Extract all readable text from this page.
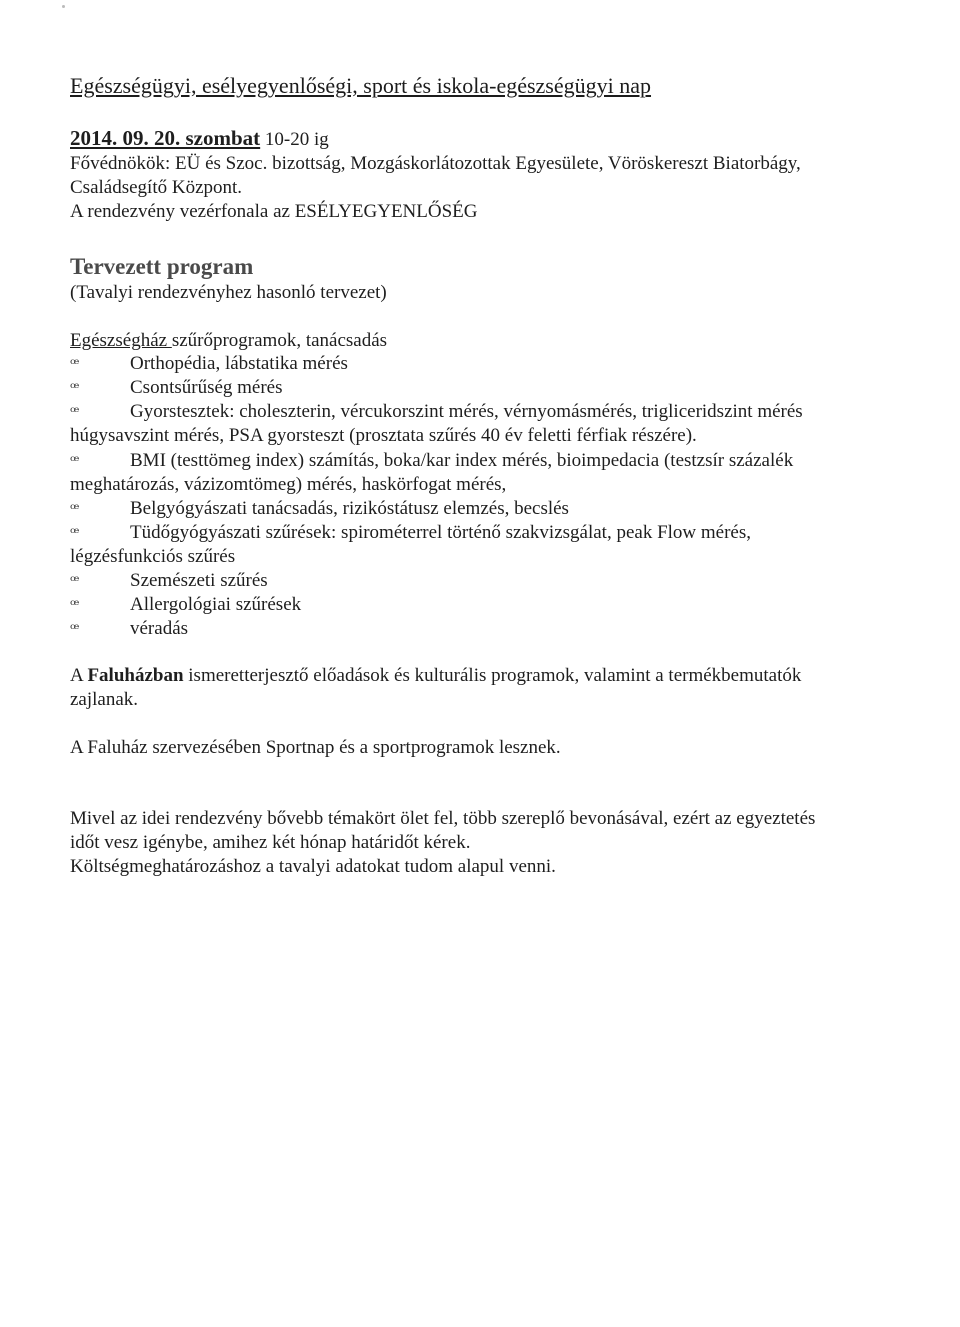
Egészségügyi, esélyegyenlőségi, sport és iskola-egészségügyi nap
2014. 09. 20. szombat 10-20 ig
Fővédnökök: EÜ és Szoc. bizottság, Mozgáskorlátozottak Egyesülete, Vöröskereszt Biatorbágy,
Családsegítő Központ.
A rendezvény vezérfonala az ESÉLYEGYENLŐSÉG
Tervezett program
(Tavalyi rendezvényhez hasonló tervezet)
Egészségház szűrőprogramok, tanácsadás
ꟹ	Orthopédia, lábstatika mérés
ꟹ	Csontsűrűség mérés
ꟹ	Gyorstesztek: choleszterin, vércukorszint mérés, vérnyomásmérés, trigliceridszint mérés
húgysavszint mérés, PSA gyorsteszt (prosztata szűrés 40 év feletti férfiak részére).
ꟹ	BMI (testtömeg index) számítás, boka/kar index mérés, bioimpedacia (testzsír százalék
meghatározás, vázizomtömeg) mérés, haskörfogat mérés,
ꟹ	Belgyógyászati tanácsadás, rizikóstátusz elemzés, becslés
ꟹ	Tüdőgyógyászati szűrések: spirométerrel történő szakvizsgálat, peak Flow mérés,
légzésfunkciós szűrés
ꟹ	Szemészeti szűrés
ꟹ	Allergológiai szűrések
ꟹ	véradás
A Faluházban ismeretterjesztő előadások és kulturális programok, valamint a termékbemutatók
zajlanak.
A Faluház szervezésében Sportnap és a sportprogramok lesznek.
Mivel az idei rendezvény bővebb témakört ölet fel, több szereplő bevonásával, ezért az egyeztetés
időt vesz igénybe, amihez két hónap határidőt kérek.
Költségmeghatározáshoz a tavalyi adatokat tudom alapul venni.
